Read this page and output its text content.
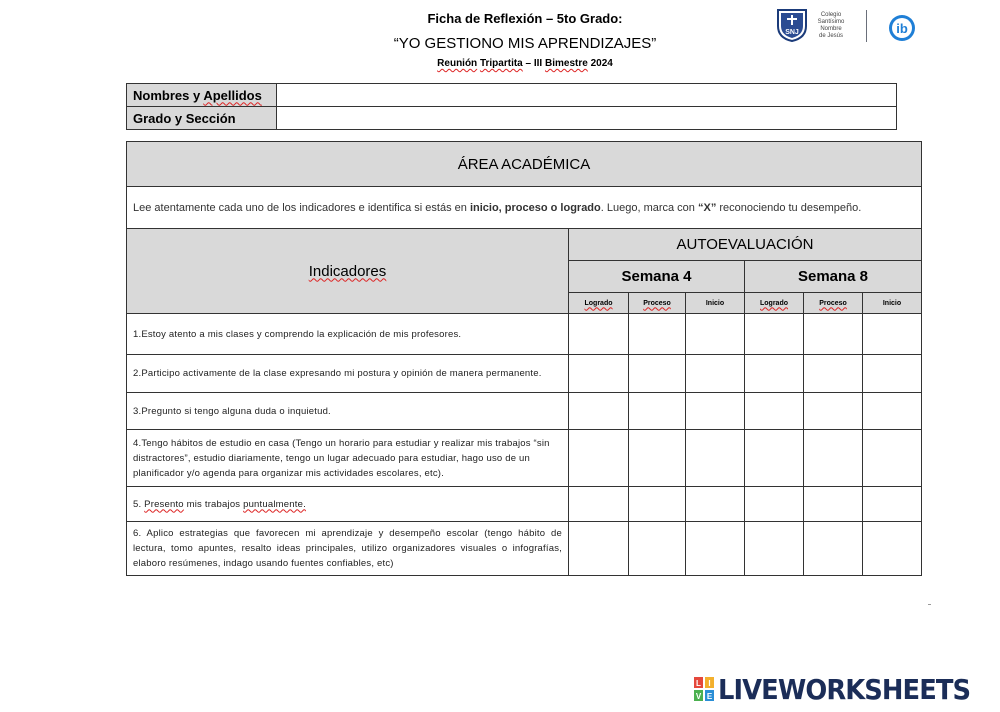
Ficha de Reflexión – 5to Grado:
“YO GESTIONO MIS APRENDIZAJES”
Reunión Tripartita – III Bimestre 2024
SNJ
Colegio
Santísimo
Nombre
de Jesús	ib
Nombres y Apellidos	
Grado y Sección	
ÁREA ACADÉMICA						
Lee atentamente cada uno de los indicadores e identifica si estás en inicio, proceso o logrado. Luego, marca con “X” reconociendo tu desempeño.						
Indicadores	AUTOEVALUACIÓN					
	Semana 4			Semana 8		
	Logrado	Proceso	Inicio	Logrado	Proceso	Inicio
1.Estoy atento a mis clases y comprendo la explicación de mis profesores.						
2.Participo activamente de la clase expresando mi postura y opinión de manera permanente.						
3.Pregunto si tengo alguna duda o inquietud.						
4.Tengo hábitos de estudio en casa (Tengo un horario para estudiar y realizar mis trabajos “sin distractores”, estudio diariamente, tengo un lugar adecuado para estudiar, hago uso de un planificador y/o agenda para organizar mis actividades escolares, etc).						
5. Presento mis trabajos puntualmente.						
6. Aplico estrategias que favorecen mi aprendizaje y desempeño escolar (tengo hábito de lectura, tomo apuntes, resalto ideas principales, utilizo organizadores visuales o infografías, elaboro resúmenes, indago usando fuentes confiables, etc)						
L I
V E LIVEWORKSHEETS
